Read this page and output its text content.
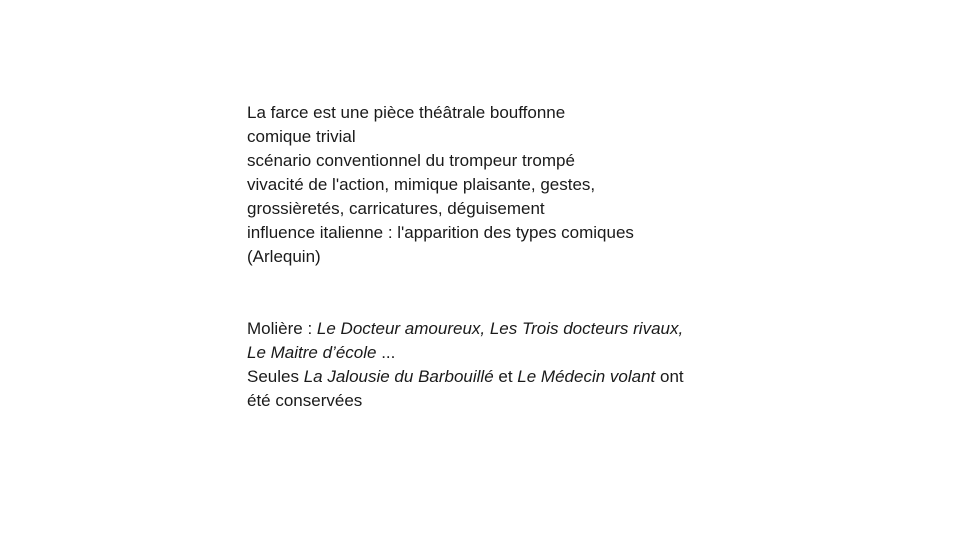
La farce est une pièce théâtrale bouffonne
comique trivial
scénario conventionnel du trompeur trompé
vivacité de l'action, mimique plaisante, gestes,
grossièretés, carricatures, déguisement
influence italienne : l'apparition des types comiques
(Arlequin)
Molière : Le Docteur amoureux, Les Trois docteurs rivaux,
Le Maitre d’école ...
Seules La Jalousie du Barbouillé et Le Médecin volant ont
été conservées
